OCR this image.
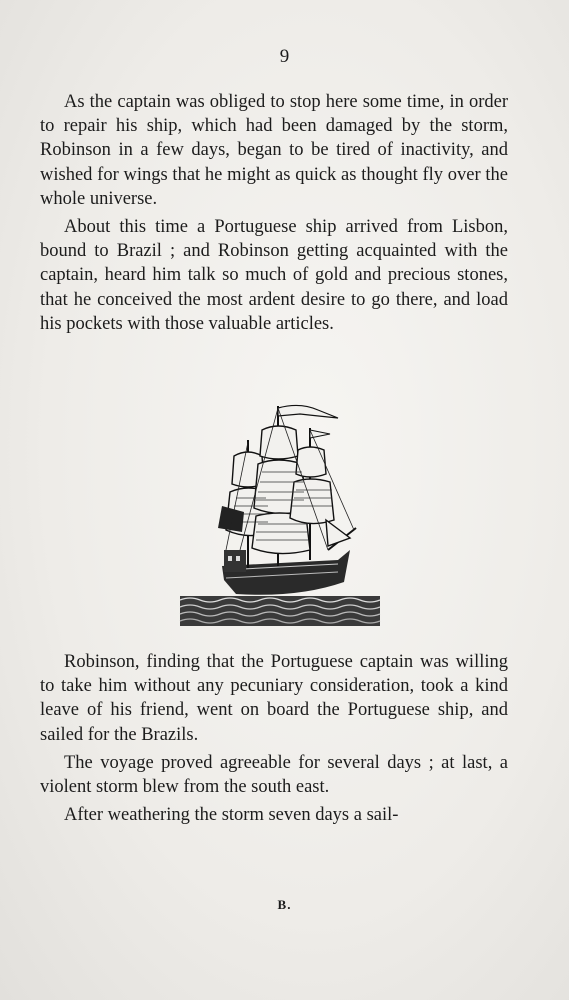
9

As the captain was obliged to stop here some time, in order to repair his ship, which had been damaged by the storm, Robinson in a few days, began to be tired of inactivity, and wished for wings that he might as quick as thought fly over the whole universe.

About this time a Portuguese ship arrived from Lisbon, bound to Brazil ; and Robinson getting acquainted with the captain, heard him talk so much of gold and precious stones, that he conceived the most ardent desire to go there, and load his pockets with those valuable articles.

Robinson, finding that the Portuguese captain was willing to take him without any pecuniary consideration, took a kind leave of his friend, went on board the Portuguese ship, and sailed for the Brazils.

The voyage proved agreeable for several days ; at last, a violent storm blew from the south east.

After weathering the storm seven days a sail-

B.
